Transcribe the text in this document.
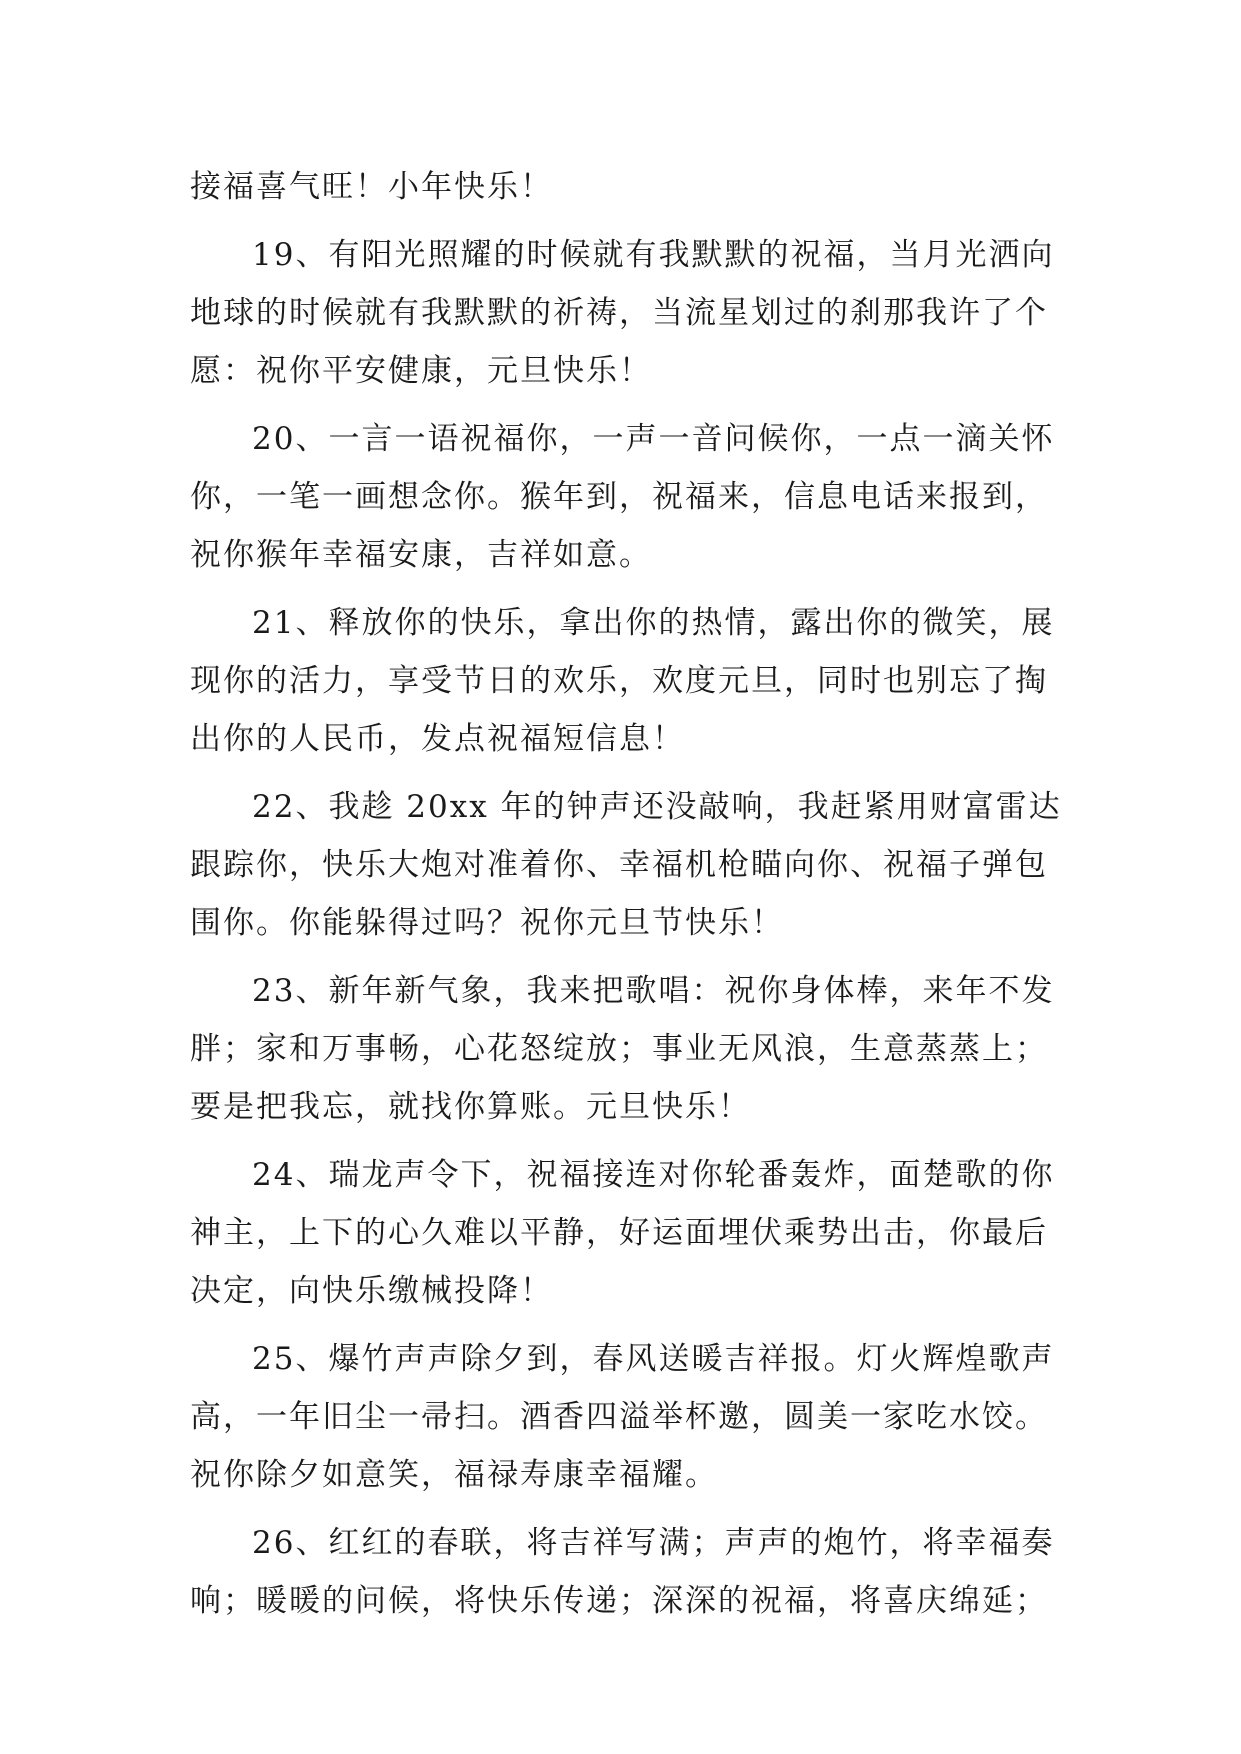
接福喜气旺！小年快乐！
19、有阳光照耀的时候就有我默默的祝福，当月光洒向
地球的时候就有我默默的祈祷，当流星划过的刹那我许了个
愿：祝你平安健康，元旦快乐！
20、一言一语祝福你，一声一音问候你，一点一滴关怀
你，一笔一画想念你。猴年到，祝福来，信息电话来报到，
祝你猴年幸福安康，吉祥如意。
21、释放你的快乐，拿出你的热情，露出你的微笑，展
现你的活力，享受节日的欢乐，欢度元旦，同时也别忘了掏
出你的人民币，发点祝福短信息！
22、我趁 20xx 年的钟声还没敲响，我赶紧用财富雷达
跟踪你，快乐大炮对准着你、幸福机枪瞄向你、祝福子弹包
围你。你能躲得过吗？祝你元旦节快乐！
23、新年新气象，我来把歌唱：祝你身体棒，来年不发
胖；家和万事畅，心花怒绽放；事业无风浪，生意蒸蒸上；
要是把我忘，就找你算账。元旦快乐！
24、瑞龙声令下，祝福接连对你轮番轰炸，面楚歌的你
神主，上下的心久难以平静，好运面埋伏乘势出击，你最后
决定，向快乐缴械投降！
25、爆竹声声除夕到，春风送暖吉祥报。灯火辉煌歌声
高，一年旧尘一帚扫。酒香四溢举杯邀，圆美一家吃水饺。
祝你除夕如意笑，福禄寿康幸福耀。
26、红红的春联，将吉祥写满；声声的炮竹，将幸福奏
响；暖暖的问候，将快乐传递；深深的祝福，将喜庆绵延；
